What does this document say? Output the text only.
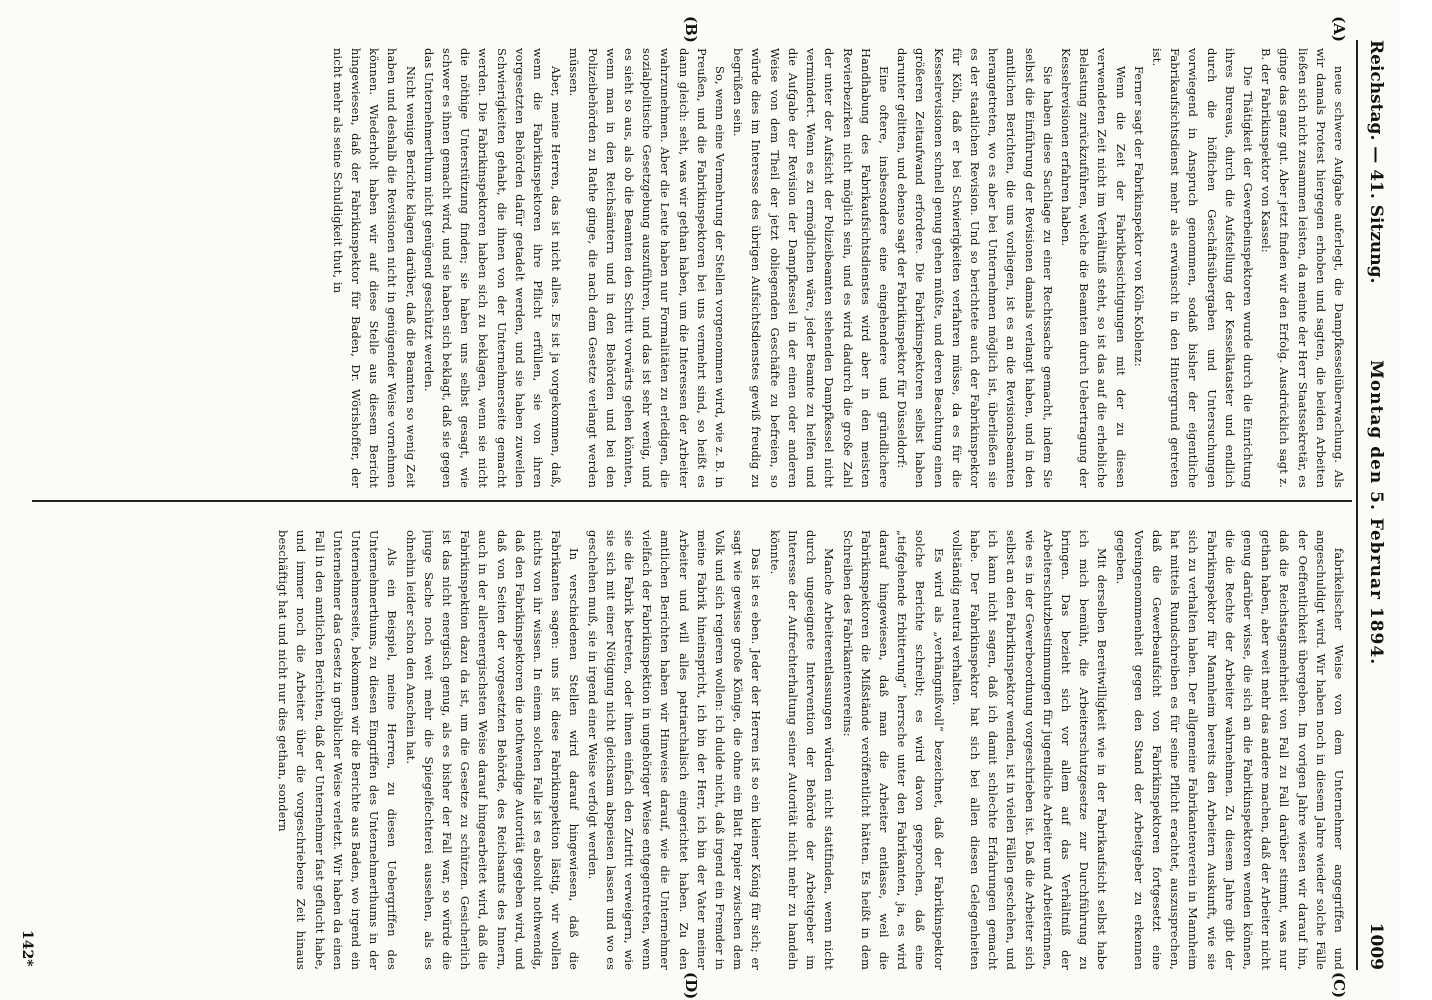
Reichstag. — 41. Sitzung.
Montag den 5. Februar 1894.
1009
(A)
(B)
(C)
(D)

neue schwere Aufgabe auferlegt, die Dampfkesselüberwachung. Als wir damals Protest hiergegen erhoben und sagten, die beiden Arbeiten ließen sich nicht zusammen leisten, da meinte der Herr Staatssekretär, es ginge das ganz gut. Aber jetzt finden wir den Erfolg. Ausdrücklich sagt z. B. der Fabrikinspektor von Kassel:

Die Thätigkeit der Gewerbeinspektoren wurde durch die Einrichtung ihres Bureaus, durch die Aufstellung der Kesselkataster und endlich durch die höflichen Geschäftsübergaben und Untersuchungen vorwiegend in Anspruch genommen, sodaß bisher der eigentliche Fabrikaufsichtsdienst mehr als erwünscht in den Hintergrund getreten ist.

Ferner sagt der Fabrikinspektor von Köln-Koblenz:

Wenn die Zeit der Fabrikbesichtigungen mit der zu diesen verwendeten Zeit nicht im Verhältniß steht, so ist das auf die erhebliche Belastung zurückzuführen, welche die Beamten durch Uebertragung der Kesselrevisionen erfahren haben.

Sie haben diese Sachlage zu einer Rechtssache gemacht, indem Sie selbst die Einführung der Revisionen damals verlangt haben, und in den amtlichen Berichten, die uns vorliegen, ist es an die Revisionsbeamten herangetreten, wo es aber bei Unternehmen möglich ist, überließen sie es der staatlichen Revision. Und so berichtete auch der Fabrikinspektor für Köln, daß er bei Schwierigkeiten verfahren müsse, da es für die Kesselrevisionen schnell genug gehen müßte, und deren Beachtung einen größeren Zeitaufwand erfordere. Die Fabrikinspektoren selbst haben darunter gelitten, und ebenso sagt der Fabrikinspektor für Düsseldorf:

Eine oftere, insbesondere eine eingehendere und gründlichere Handhabung des Fabrikaufsichtsdienstes wird aber in den meisten Revierbezirken nicht möglich sein, und es wird dadurch die große Zahl der unter der Aufsicht der Polizeibeamten stehenden Dampfkessel nicht vermindert. Wenn es zu ermöglichen wäre, jeder Beamte zu helfen und die Aufgabe der Revision der Dampfkessel in der einen oder anderen Weise von dem Theil der jetzt obliegenden Geschäfte zu befreien, so würde dies im Interesse des übrigen Aufsichtsdienstes gewiß freudig zu begrüßen sein.

So, wenn eine Vermehrung der Stellen vorgenommen wird, wie z. B. in Preußen, und die Fabrikinspektoren bei uns vermehrt sind, so heißt es dann gleich: seht, was wir gethan haben, um die Interessen der Arbeiter wahrzunehmen. Aber die Leute haben nur Formalitäten zu erledigen, die sozialpolitische Gesetzgebung auszuführen, und das ist sehr wenig, und es sieht so aus, als ob die Beamten den Schritt vorwärts gehen könnten, wenn man in den Reichsämtern und in den Behörden und bei den Polizeibehörden zu Rathe ginge, die nach dem Gesetze verlangt werden müssen.

Aber, meine Herren, das ist nicht alles. Es ist ja vorgekommen, daß, wenn die Fabrikinspektoren ihre Pflicht erfüllen, sie von ihren vorgesetzten Behörden dafür getadelt werden, und sie haben zuweilen Schwierigkeiten gehabt, die ihnen von der Unternehmerseite gemacht werden. Die Fabrikinspektoren haben sich zu beklagen, wenn sie nicht die nöthige Unterstützung finden; sie haben uns selbst gesagt, wie schwer es ihnen gemacht wird, und sie haben sich beklagt, daß sie gegen das Unternehmerthum nicht genügend geschützt werden.

Nicht wenige Berichte klagen darüber, daß die Beamten so wenig Zeit haben und deshalb die Revisionen nicht in genügender Weise vornehmen können. Wiederholt haben wir auf diese Stelle aus diesem Bericht hingewiesen, daß der Fabrikinspektor für Baden, Dr. Wörishoffer, der nicht mehr als seine Schuldigkeit thut, in

fabrikelischer Weise von dem Unternehmer angegriffen und angeschuldigt wird. Wir haben noch in diesem Jahre wieder solche Fälle der Oeffentlichkeit übergeben. Im vorigen Jahre wiesen wir darauf hin, daß die Reichstagsmehrheit von Fall zu Fall darüber stimmt, was nur gethan haben, aber weit mehr das andere machen, daß der Arbeiter nicht genug darüber wisse, die sich an die Fabrikinspektoren wenden können, die die Rechte der Arbeiter wahrnehmen. Zu diesem Jahre gibt der Fabrikinspektor für Mannheim bereits den Arbeitern Auskunft, wie sie sich zu verhalten haben. Der allgemeine Fabrikantenverein in Mannheim hat mittels Rundschreiben es für seine Pflicht erachtet, auszusprechen, daß die Gewerbeaufsicht von Fabrikinspektoren fortgesetzt eine Voreingenommenheit gegen den Stand der Arbeitgeber zu erkennen gegeben.

Mit derselben Bereitwilligkeit wie in der Fabrikaufsicht selbst habe ich mich bemüht, die Arbeiterschutzgesetze zur Durchführung zu bringen. Das bezieht sich vor allem auf das Verhältniß der Arbeiterschutzbestimmungen für jugendliche Arbeiter und Arbeiterinnen, wie es in der Gewerbeordnung vorgeschrieben ist. Daß die Arbeiter sich selbst an den Fabrikinspektor wenden, ist in vielen Fällen geschehen, und ich kann nicht sagen, daß ich damit schlechte Erfahrungen gemacht habe. Der Fabrikinspektor hat sich bei allen diesen Gelegenheiten vollständig neutral verhalten.

Es wird als „verhängnißvoll“ bezeichnet, daß der Fabrikinspektor solche Berichte schreibt; es wird davon gesprochen, daß eine „tiefgehende Erbitterung“ herrsche unter den Fabrikanten, ja, es wird darauf hingewiesen, daß man die Arbeiter entlasse, weil die Fabrikinspektoren die Mißstände veröffentlicht hätten. Es heißt in dem Schreiben des Fabrikantenvereins:

Manche Arbeiterentlassungen würden nicht stattfinden, wenn nicht durch ungeeignete Intervention der Behörde der Arbeitgeber im Interesse der Aufrechterhaltung seiner Autorität nicht mehr zu handeln könnte.

Das ist es eben. Jeder der Herren ist so ein kleiner König für sich; er sagt wie gewisse große Könige, die ohne ein Blatt Papier zwischen dem Volk und sich regieren wollen: ich dulde nicht, daß irgend ein Fremder in meine Fabrik hineinspricht, ich bin der Herr, ich bin der Vater meiner Arbeiter und will alles patriarchalisch eingerichtet haben. Zu den amtlichen Berichten haben wir Hinweise darauf, wie die Unternehmer vielfach der Fabrikinspektion in ungehöriger Weise entgegentreten, wenn sie die Fabrik betreten, oder ihnen einfach den Zutritt verweigern, wie sie sich mit einer Nötigung nicht gleichsam abspeisen lassen und wo es geschehen muß, sie in irgend einer Weise verfolgt werden.

In verschiedenen Stellen wird darauf hingewiesen, daß die Fabrikanten sagen: uns ist diese Fabrikinspektion lästig, wir wollen nichts von ihr wissen. In einem solchen Falle ist es absolut nothwendig, daß den Fabrikinspektoren die nothwendige Autorität gegeben wird, und daß von Seiten der vorgesetzten Behörde, des Reichsamts des Innern, auch in der allerenergischsten Weise darauf hingearbeitet wird, daß die Fabrikinspektion dazu da ist, um die Gesetze zu schützen. Gesicherlich ist das nicht energisch genug, als es bisher der Fall war, so würde die junge Sache noch weit mehr die Spiegelfechterei aussehen, als es ohnehin leider schon den Anschein hat.

Als ein Beispiel, meine Herren, zu diesen Uebergriffen des Unternehmerthums, zu diesen Eingriffen des Unternehmerthums in der Unternehmerseite, bekommen wir die Berichte aus Baden, wo irgend ein Unternehmer das Gesetz in gröblicher Weise verletzt. Wir haben da einen Fall in den amtlichen Berichten, daß der Unternehmer fast geflucht habe, und immer noch die Arbeiter über die vorgeschriebene Zeit hinaus beschäftigt hat und nicht nur dies gethan, sondern

142*
